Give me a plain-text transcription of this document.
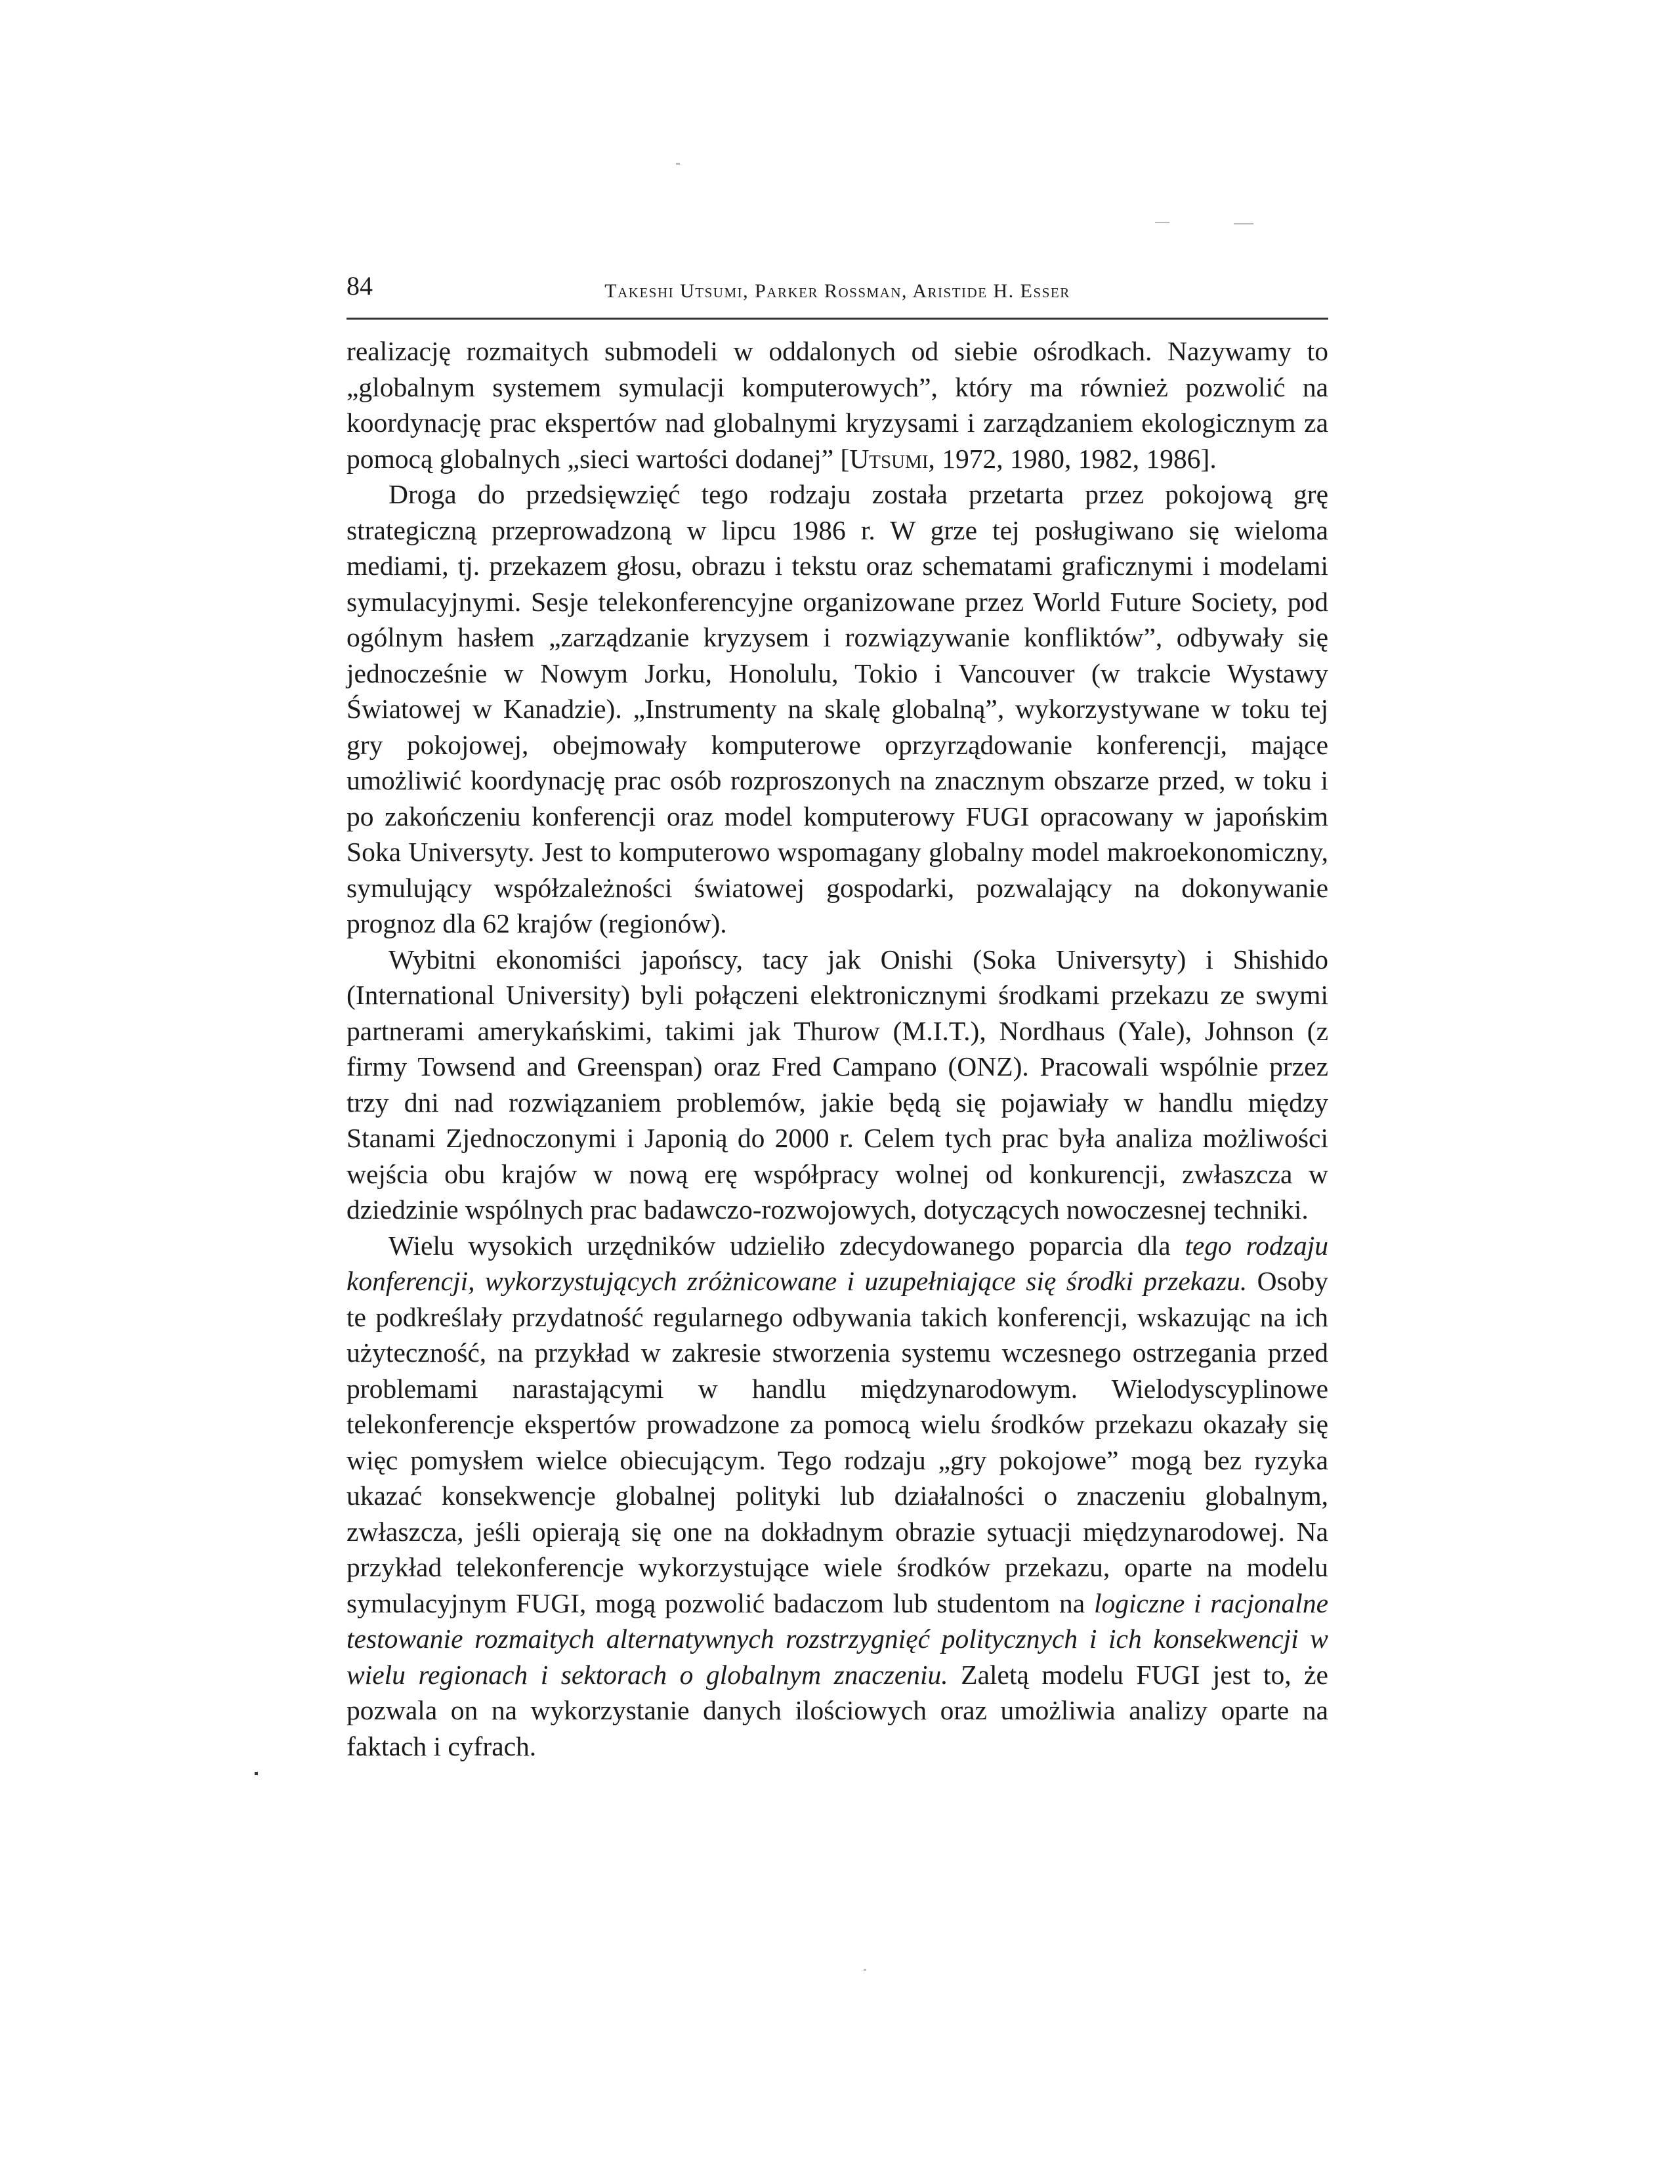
84	Takeshi Utsumi, Parker Rossman, Aristide H. Esser

realizację rozmaitych submodeli w oddalonych od siebie ośrodkach. Nazywamy to „globalnym systemem symulacji komputerowych”, który ma również pozwolić na koordynację prac ekspertów nad globalnymi kryzysami i zarządzaniem ekologicznym za pomocą globalnych „sieci wartości dodanej” [Utsumi, 1972, 1980, 1982, 1986].

Droga do przedsięwzięć tego rodzaju została przetarta przez pokojową grę strategiczną przeprowadzoną w lipcu 1986 r. W grze tej posługiwano się wieloma mediami, tj. przekazem głosu, obrazu i tekstu oraz schematami graficznymi i modelami symulacyjnymi. Sesje telekonferencyjne organizowane przez World Future Society, pod ogólnym hasłem „zarządzanie kryzysem i rozwiązywanie konfliktów”, odbywały się jednocześnie w Nowym Jorku, Honolulu, Tokio i Vancouver (w trakcie Wystawy Światowej w Kanadzie). „Instrumenty na skalę globalną”, wykorzystywane w toku tej gry pokojowej, obejmowały komputerowe oprzyrządowanie konferencji, mające umożliwić koordynację prac osób rozproszonych na znacznym obszarze przed, w toku i po zakończeniu konferencji oraz model komputerowy FUGI opracowany w japońskim Soka Universyty. Jest to komputerowo wspomagany globalny model makroekonomiczny, symulujący współzależności światowej gospodarki, pozwalający na dokonywanie prognoz dla 62 krajów (regionów).

Wybitni ekonomiści japońscy, tacy jak Onishi (Soka Universyty) i Shishido (International University) byli połączeni elektronicznymi środkami przekazu ze swymi partnerami amerykańskimi, takimi jak Thurow (M.I.T.), Nordhaus (Yale), Johnson (z firmy Towsend and Greenspan) oraz Fred Campano (ONZ). Pracowali wspólnie przez trzy dni nad rozwiązaniem problemów, jakie będą się pojawiały w handlu między Stanami Zjednoczonymi i Japonią do 2000 r. Celem tych prac była analiza możliwości wejścia obu krajów w nową erę współpracy wolnej od konkurencji, zwłaszcza w dziedzinie wspólnych prac badawczo-rozwojowych, dotyczących nowoczesnej techniki.

Wielu wysokich urzędników udzieliło zdecydowanego poparcia dla tego rodzaju konferencji, wykorzystujących zróżnicowane i uzupełniające się środki przekazu. Osoby te podkreślały przydatność regularnego odbywania takich konferencji, wskazując na ich użyteczność, na przykład w zakresie stworzenia systemu wczesnego ostrzegania przed problemami narastającymi w handlu międzynarodowym. Wielodyscyplinowe telekonferencje ekspertów prowadzone za pomocą wielu środków przekazu okazały się więc pomysłem wielce obiecującym. Tego rodzaju „gry pokojowe” mogą bez ryzyka ukazać konsekwencje globalnej polityki lub działalności o znaczeniu globalnym, zwłaszcza, jeśli opierają się one na dokładnym obrazie sytuacji międzynarodowej. Na przykład telekonferencje wykorzystujące wiele środków przekazu, oparte na modelu symulacyjnym FUGI, mogą pozwolić badaczom lub studentom na logiczne i racjonalne testowanie rozmaitych alternatywnych rozstrzygnięć politycznych i ich konsekwencji w wielu regionach i sektorach o globalnym znaczeniu. Zaletą modelu FUGI jest to, że pozwala on na wykorzystanie danych ilościowych oraz umożliwia analizy oparte na faktach i cyfrach.
